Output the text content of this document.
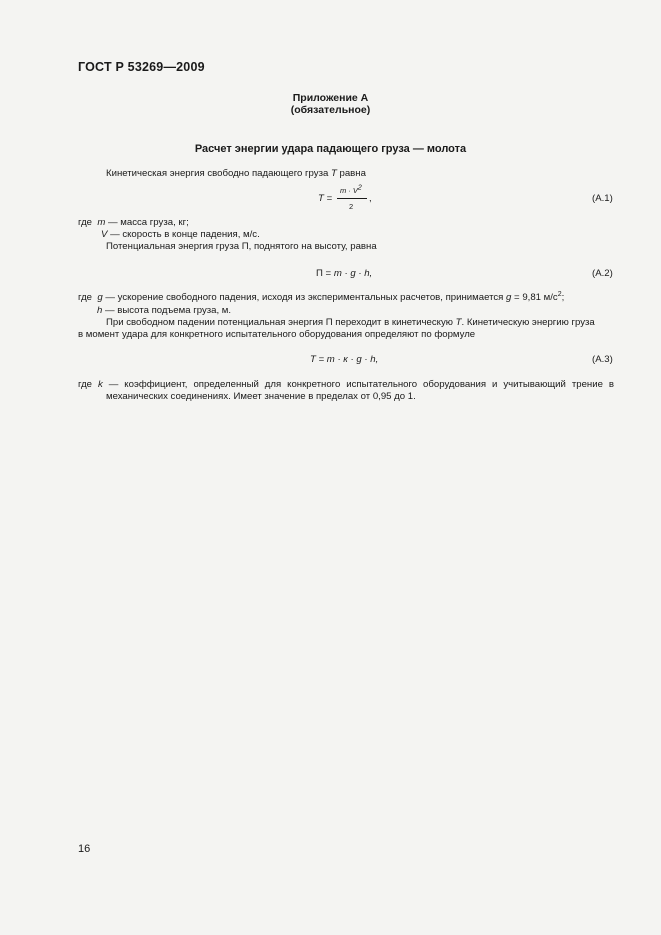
ГОСТ Р 53269—2009
Приложение А
(обязательное)
Расчет энергии удара падающего груза — молота
Кинетическая энергия свободно падающего груза T равна
T =
$m \cdot V^2$
2
,	(А.1)
где m — масса груза, кг;
V — скорость в конце падения, м/с.
Потенциальная энергия груза П, поднятого на высоту, равна
П = m · g · h,	(А.2)
где g — ускорение свободного падения, исходя из экспериментальных расчетов, принимается g = 9,81 $м/с^2$;
h — высота подъема груза, м.
При свободном падении потенциальная энергия П переходит в кинетическую T. Кинетическую энергию груза
в момент удара для конкретного испытательного оборудования определяют по формуле
T = m · к · g · h,	(А.3)
где k — коэффициент, определенный для конкретного испытательного оборудования и учитывающий трение в
механических соединениях. Имеет значение в пределах от 0,95 до 1.
16
